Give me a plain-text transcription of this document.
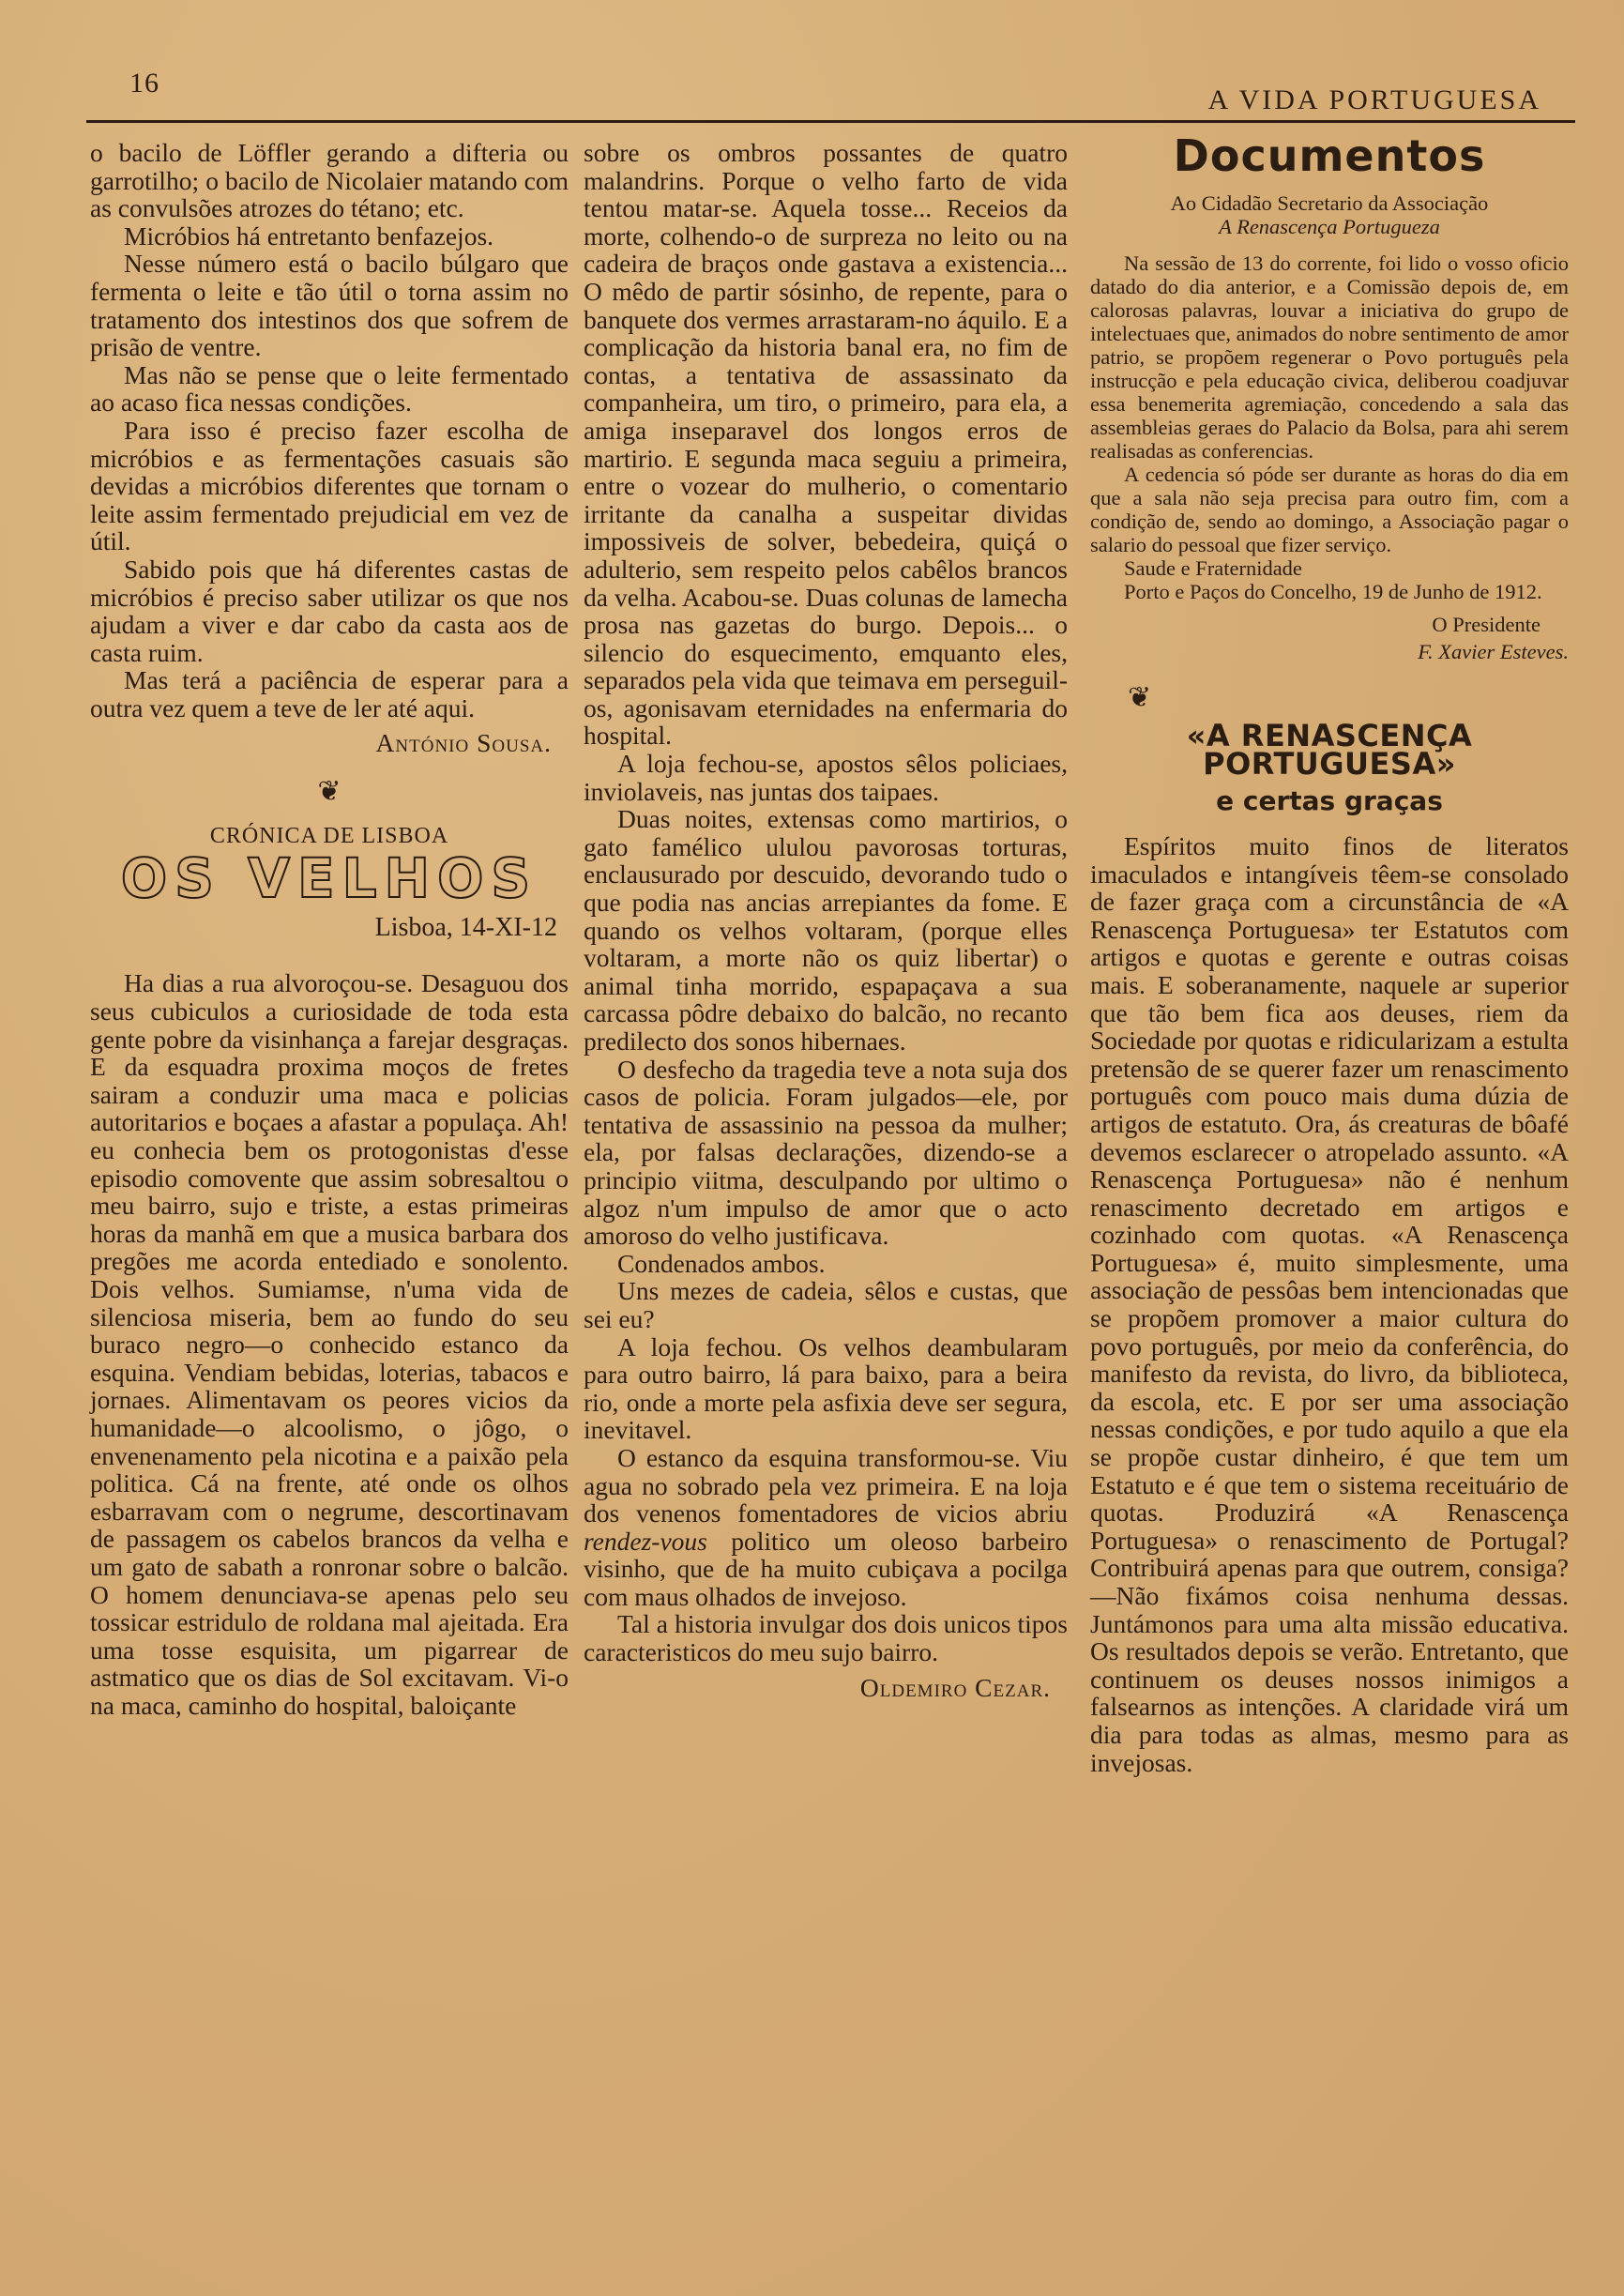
16
A VIDA PORTUGUESA

o bacilo de Löffler gerando a difteria ou garrotilho; o bacilo de Nicolaier matando com as convulsões atrozes do tétano; etc.

Micróbios há entretanto benfazejos.

Nesse número está o bacilo búlgaro que fermenta o leite e tão útil o torna assim no tratamento dos intestinos dos que sofrem de prisão de ventre.

Mas não se pense que o leite fermentado ao acaso fica nessas condições.

Para isso é preciso fazer escolha de micróbios e as fermentações casuais são devidas a micróbios diferentes que tornam o leite assim fermentado prejudicial em vez de útil.

Sabido pois que há diferentes castas de micróbios é preciso saber utilizar os que nos ajudam a viver e dar cabo da casta aos de casta ruim.

Mas terá a paciência de esperar para a outra vez quem a teve de ler até aqui.

António Sousa.
❦
CRÓNICA DE LISBOA
OS VELHOS
Lisboa, 14-XI-12

Ha dias a rua alvoroçou-se. Desaguou dos seus cubiculos a curiosidade de toda esta gente pobre da visinhança a farejar desgraças. E da esquadra proxima moços de fretes sairam a conduzir uma maca e policias autoritarios e boçaes a afastar a populaça. Ah! eu conhecia bem os protogonistas d'esse episodio comovente que assim sobresaltou o meu bairro, sujo e triste, a estas primeiras horas da manhã em que a musica barbara dos pregões me acorda entediado e sonolento. Dois velhos. Sumiamse, n'uma vida de silenciosa miseria, bem ao fundo do seu buraco negro—o conhecido estanco da esquina. Vendiam bebidas, loterias, tabacos e jornaes. Alimentavam os peores vicios da humanidade—o alcoolismo, o jôgo, o envenenamento pela nicotina e a paixão pela politica. Cá na frente, até onde os olhos esbarravam com o negrume, descortinavam de passagem os cabelos brancos da velha e um gato de sabath a ronronar sobre o balcão. O homem denunciava-se apenas pelo seu tossicar estridulo de roldana mal ajeitada. Era uma tosse esquisita, um pigarrear de astmatico que os dias de Sol excitavam. Vi-o na maca, caminho do hospital, baloiçante

sobre os ombros possantes de quatro malandrins. Porque o velho farto de vida tentou matar-se. Aquela tosse... Receios da morte, colhendo-o de surpreza no leito ou na cadeira de braços onde gastava a existencia... O mêdo de partir sósinho, de repente, para o banquete dos vermes arrastaram-no áquilo. E a complicação da historia banal era, no fim de contas, a tentativa de assassinato da companheira, um tiro, o primeiro, para ela, a amiga inseparavel dos longos erros de martirio. E segunda maca seguiu a primeira, entre o vozear do mulherio, o comentario irritante da canalha a suspeitar dividas impossiveis de solver, bebedeira, quiçá o adulterio, sem respeito pelos cabêlos brancos da velha. Acabou-se. Duas colunas de lamecha prosa nas gazetas do burgo. Depois... o silencio do esquecimento, emquanto eles, separados pela vida que teimava em perseguil-os, agonisavam eternidades na enfermaria do hospital.

A loja fechou-se, apostos sêlos policiaes, inviolaveis, nas juntas dos taipaes.

Duas noites, extensas como martirios, o gato famélico ululou pavorosas torturas, enclausurado por descuido, devorando tudo o que podia nas ancias arrepiantes da fome. E quando os velhos voltaram, (porque elles voltaram, a morte não os quiz libertar) o animal tinha morrido, espapaçava a sua carcassa pôdre debaixo do balcão, no recanto predilecto dos sonos hibernaes.

O desfecho da tragedia teve a nota suja dos casos de policia. Foram julgados—ele, por tentativa de assassinio na pessoa da mulher; ela, por falsas declarações, dizendo-se a principio viitma, desculpando por ultimo o algoz n'um impulso de amor que o acto amoroso do velho justificava.

Condenados ambos.

Uns mezes de cadeia, sêlos e custas, que sei eu?

A loja fechou. Os velhos deambularam para outro bairro, lá para baixo, para a beira rio, onde a morte pela asfixia deve ser segura, inevitavel.

O estanco da esquina transformou-se. Viu agua no sobrado pela vez primeira. E na loja dos venenos fomentadores de vicios abriu rendez-vous politico um oleoso barbeiro visinho, que de ha muito cubiçava a pocilga com maus olhados de invejoso.

Tal a historia invulgar dos dois unicos tipos caracteristicos do meu sujo bairro.

Oldemiro Cezar.
Documentos

Ao Cidadão Secretario da Associação

A Renascença Portugueza

Na sessão de 13 do corrente, foi lido o vosso oficio datado do dia anterior, e a Comissão depois de, em calorosas palavras, louvar a iniciativa do grupo de intelectuaes que, animados do nobre sentimento de amor patrio, se propõem regenerar o Povo português pela instrucção e pela educação civica, deliberou coadjuvar essa benemerita agremiação, concedendo a sala das assembleias geraes do Palacio da Bolsa, para ahi serem realisadas as conferencias.

A cedencia só póde ser durante as horas do dia em que a sala não seja precisa para outro fim, com a condição de, sendo ao domingo, a Associação pagar o salario do pessoal que fizer serviço.

Saude e Fraternidade

Porto e Paços do Concelho, 19 de Junho de 1912.

O Presidente

F. Xavier Esteves.

❦
«A RENASCENÇA PORTUGUESA»
e certas graças

Espíritos muito finos de literatos imaculados e intangíveis têem-se consolado de fazer graça com a circunstância de «A Renascença Portuguesa» ter Estatutos com artigos e quotas e gerente e outras coisas mais. E soberanamente, naquele ar superior que tão bem fica aos deuses, riem da Sociedade por quotas e ridicularizam a estulta pretensão de se querer fazer um renascimento português com pouco mais duma dúzia de artigos de estatuto. Ora, ás creaturas de bôafé devemos esclarecer o atropelado assunto. «A Renascença Portuguesa» não é nenhum renascimento decretado em artigos e cozinhado com quotas. «A Renascença Portuguesa» é, muito simplesmente, uma associação de pessôas bem intencionadas que se propõem promover a maior cultura do povo português, por meio da conferência, do manifesto da revista, do livro, da biblioteca, da escola, etc. E por ser uma associação nessas condições, e por tudo aquilo a que ela se propõe custar dinheiro, é que tem um Estatuto e é que tem o sistema receituário de quotas. Produzirá «A Renascença Portuguesa» o renascimento de Portugal? Contribuirá apenas para que outrem, consiga?—Não fixámos coisa nenhuma dessas. Juntámonos para uma alta missão educativa. Os resultados depois se verão. Entretanto, que continuem os deuses nossos inimigos a falsearnos as intenções. A claridade virá um dia para todas as almas, mesmo para as invejosas.
